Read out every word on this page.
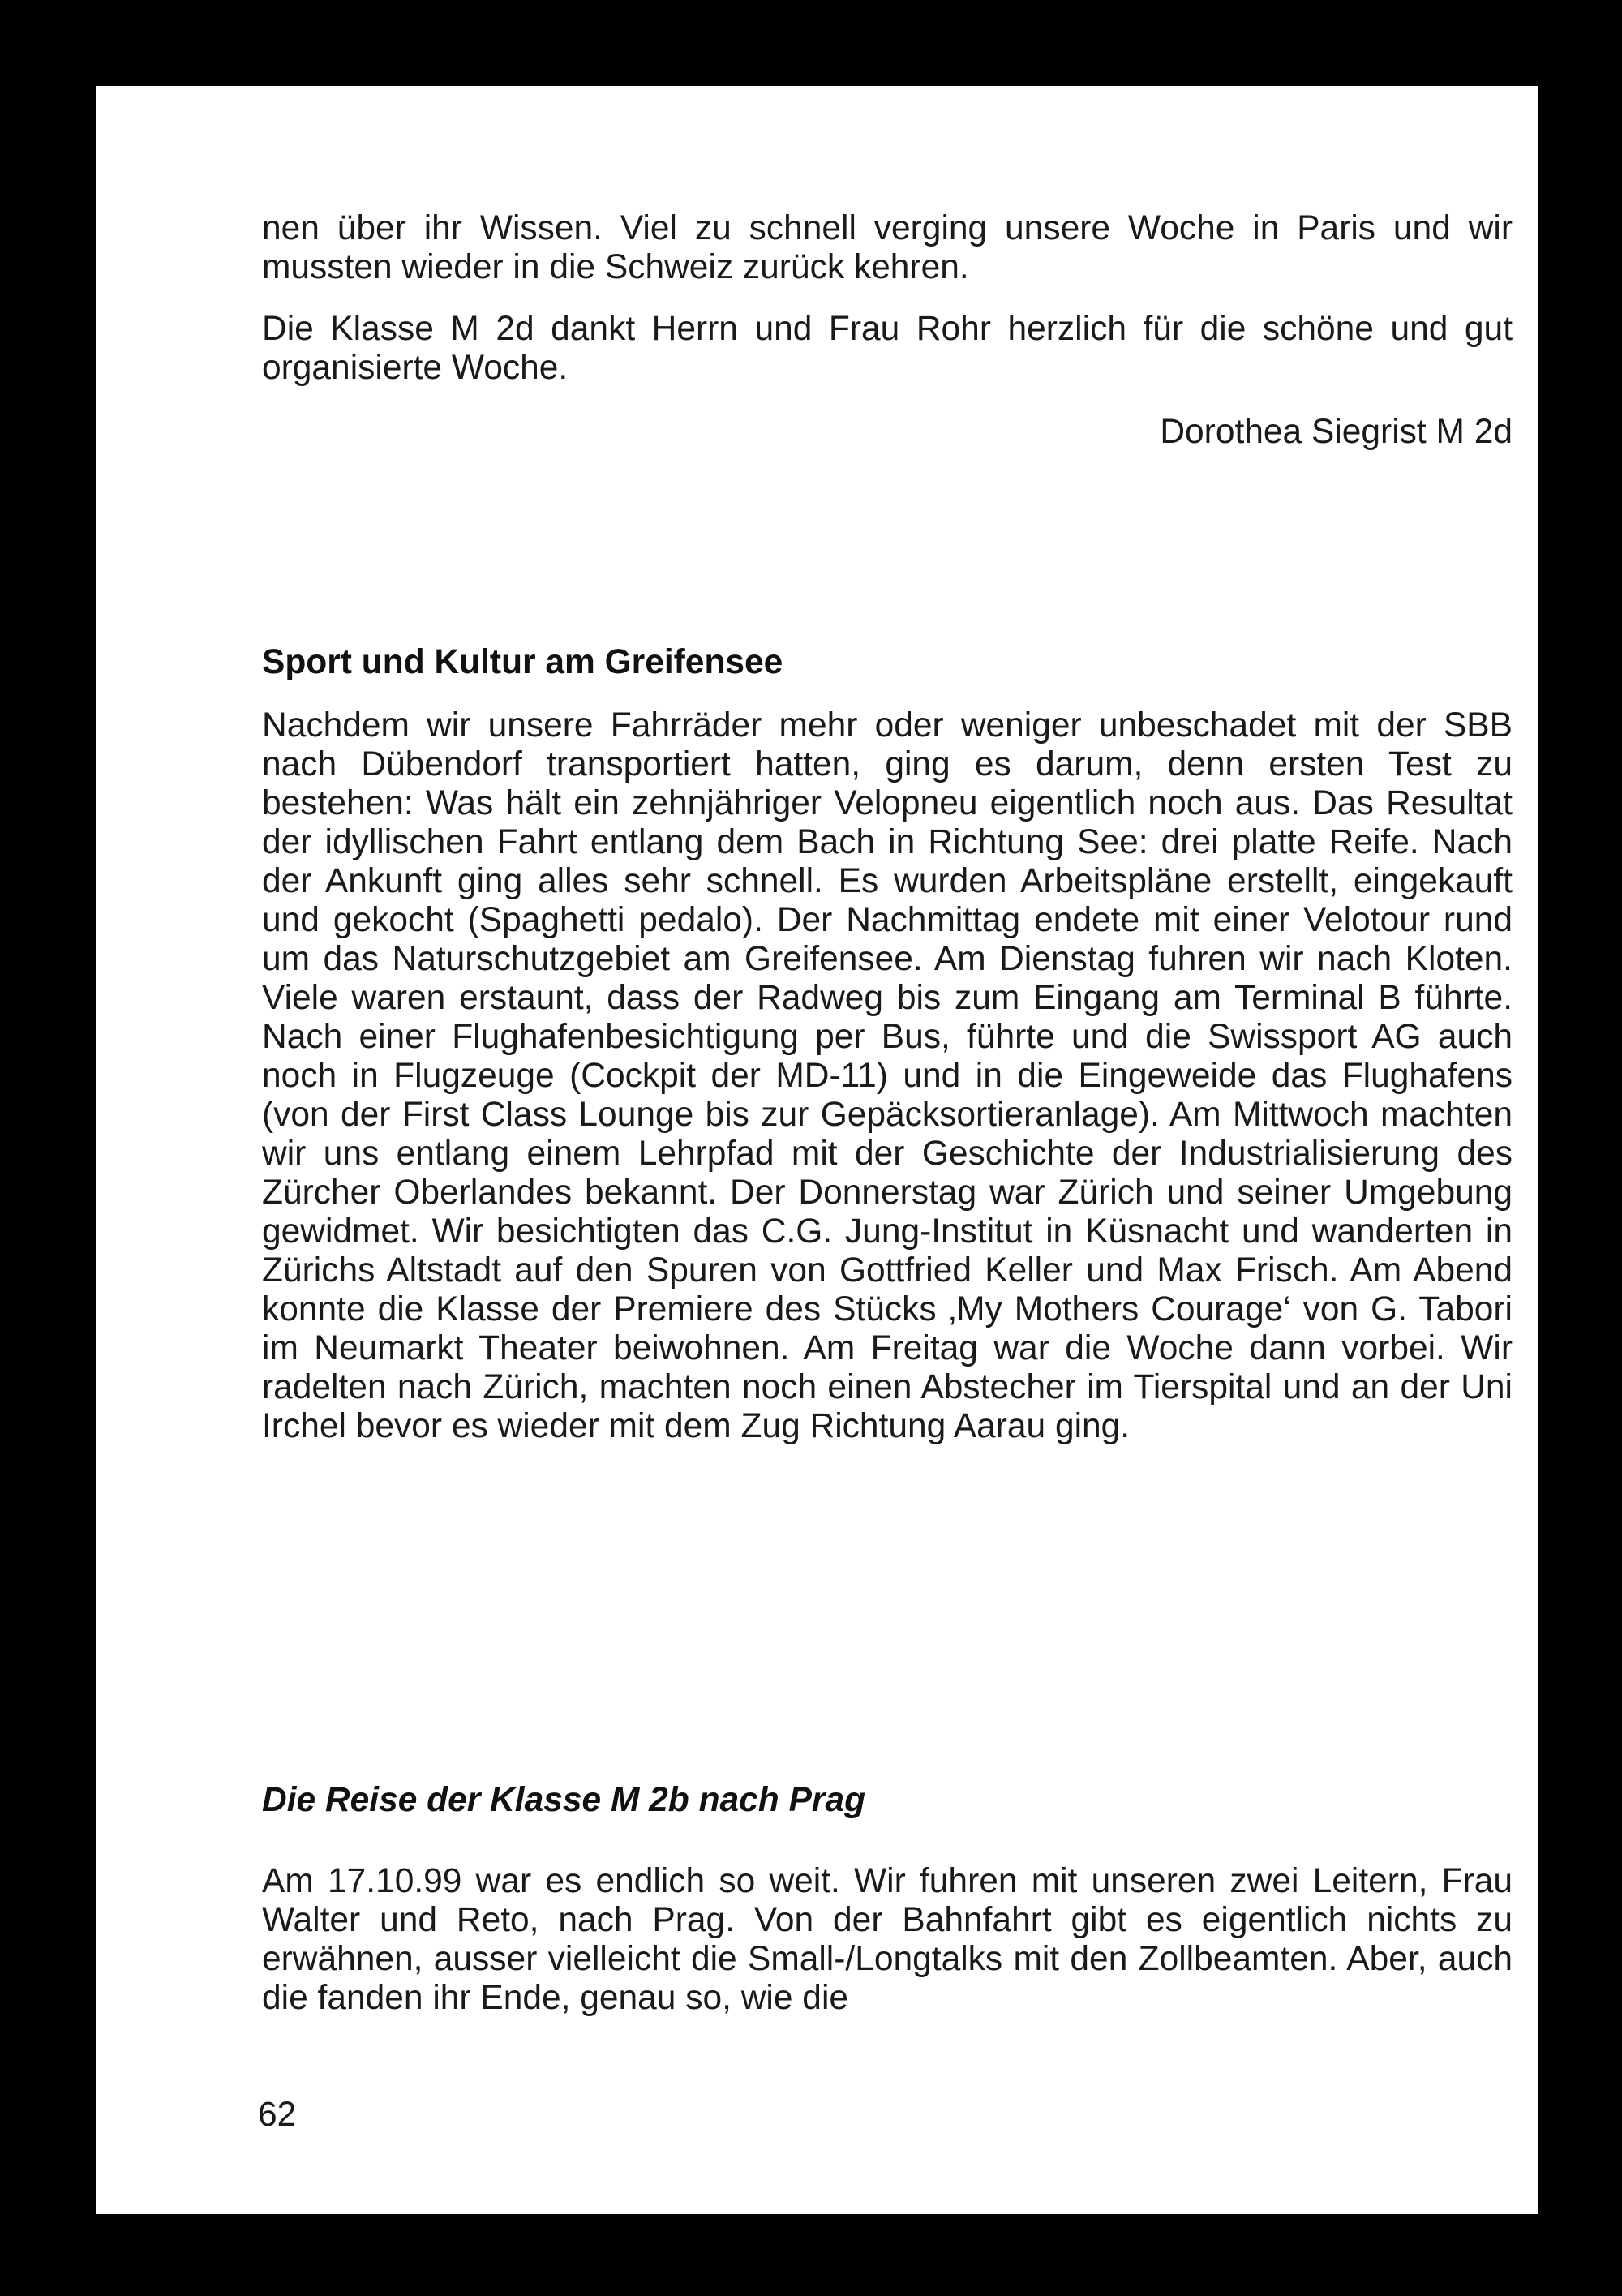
nen über ihr Wissen. Viel zu schnell verging unsere Woche in Paris und wir mussten wieder in die Schweiz zurück kehren.

Die Klasse M 2d dankt Herrn und Frau Rohr herzlich für die schöne und gut organisierte Woche.

Dorothea Siegrist M 2d
Sport und Kultur am Greifensee

Nachdem wir unsere Fahrräder mehr oder weniger unbeschadet mit der SBB nach Dübendorf transportiert hatten, ging es darum, denn ersten Test zu bestehen: Was hält ein zehnjähriger Velopneu eigentlich noch aus. Das Resultat der idyllischen Fahrt entlang dem Bach in Richtung See: drei platte Reife. Nach der Ankunft ging alles sehr schnell. Es wurden Arbeitspläne erstellt, eingekauft und gekocht (Spaghetti pedalo). Der Nachmittag endete mit einer Velotour rund um das Naturschutzgebiet am Greifensee. Am Dienstag fuhren wir nach Kloten. Viele waren erstaunt, dass der Radweg bis zum Eingang am Terminal B führte. Nach einer Flughafenbesichtigung per Bus, führte und die Swissport AG auch noch in Flugzeuge (Cockpit der MD-11) und in die Eingeweide das Flughafens (von der First Class Lounge bis zur Gepäcksortieranlage). Am Mittwoch machten wir uns entlang einem Lehrpfad mit der Geschichte der Industrialisierung des Zürcher Oberlandes bekannt. Der Donnerstag war Zürich und seiner Umgebung gewidmet. Wir besichtigten das C.G. Jung-Institut in Küsnacht und wanderten in Zürichs Altstadt auf den Spuren von Gottfried Keller und Max Frisch. Am Abend konnte die Klasse der Premiere des Stücks ‚My Mothers Courage‘ von G. Tabori im Neumarkt Theater beiwohnen. Am Freitag war die Woche dann vorbei. Wir radelten nach Zürich, machten noch einen Abstecher im Tierspital und an der Uni Irchel bevor es wieder mit dem Zug Richtung Aarau ging.

Die Reise der Klasse M 2b nach Prag

Am 17.10.99 war es endlich so weit. Wir fuhren mit unseren zwei Leitern, Frau Walter und Reto, nach Prag. Von der Bahnfahrt gibt es eigentlich nichts zu erwähnen, ausser vielleicht die Small-/Longtalks mit den Zollbeamten. Aber, auch die fanden ihr Ende, genau so, wie die

62
